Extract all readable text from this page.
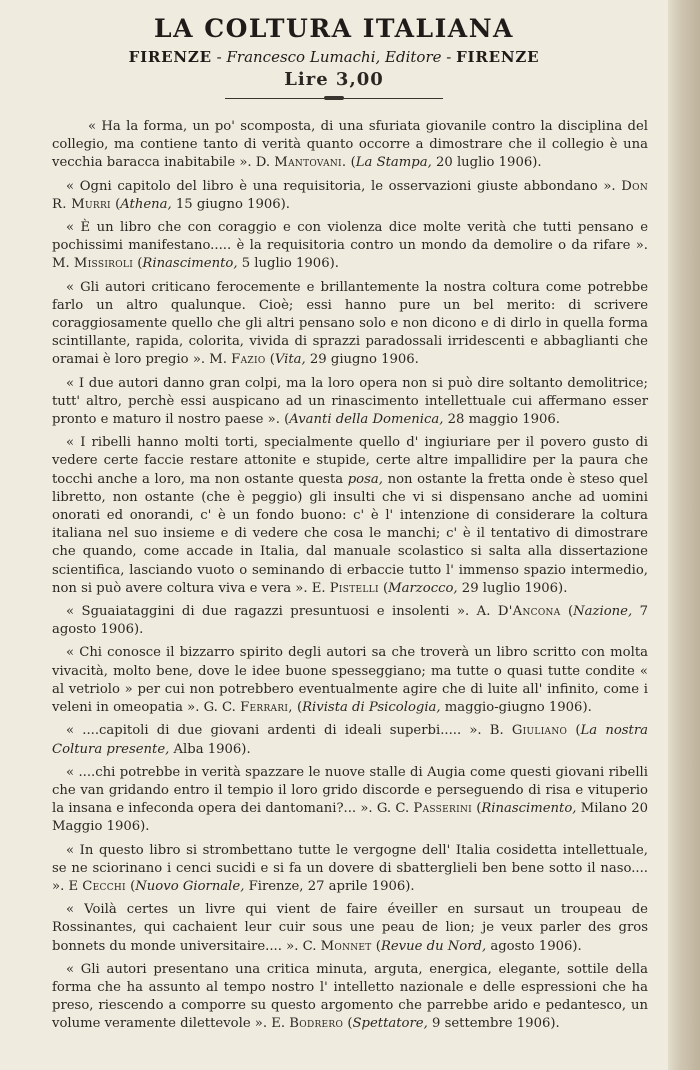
LA COLTURA ITALIANA
FIRENZE - Francesco Lumachi, Editore - FIRENZE
Lire 3,00

« Ha la forma, un po' scomposta, di una sfuriata giovanile contro la disciplina del collegio, ma contiene tanto di verità quanto occorre a dimostrare che il collegio è una vecchia baracca inabitabile ». D. Mantovani. (La Stampa, 20 luglio 1906).

« Ogni capitolo del libro è una requisitoria, le osservazioni giuste abbondano ». Don R. Murri (Athena, 15 giugno 1906).

« È un libro che con coraggio e con violenza dice molte verità che tutti pensano e pochissimi manifestano..... è la requisitoria contro un mondo da demolire o da rifare ». M. Missiroli (Rinascimento, 5 luglio 1906).

« Gli autori criticano ferocemente e brillantemente la nostra coltura come potrebbe farlo un altro qualunque. Cioè; essi hanno pure un bel merito: di scrivere coraggiosamente quello che gli altri pensano solo e non dicono e di dirlo in quella forma scintillante, rapida, colorita, vivida di sprazzi paradossali irridescenti e abbaglianti che oramai è loro pregio ». M. Fazio (Vita, 29 giugno 1906.

« I due autori danno gran colpi, ma la loro opera non si può dire soltanto demolitrice; tutt' altro, perchè essi auspicano ad un rinascimento intellettuale cui affermano esser pronto e maturo il nostro paese ». (Avanti della Domenica, 28 maggio 1906.

« I ribelli hanno molti torti, specialmente quello d' ingiuriare per il povero gusto di vedere certe faccie restare attonite e stupide, certe altre impallidire per la paura che tocchi anche a loro, ma non ostante questa posa, non ostante la fretta onde è steso quel libretto, non ostante (che è peggio) gli insulti che vi si dispensano anche ad uomini onorati ed onorandi, c' è un fondo buono: c' è l' intenzione di considerare la coltura italiana nel suo insieme e di vedere che cosa le manchi; c' è il tentativo di dimostrare che quando, come accade in Italia, dal manuale scolastico si salta alla dissertazione scientifica, lasciando vuoto o seminando di erbaccie tutto l' immenso spazio intermedio, non si può avere coltura viva e vera ». E. Pistelli (Marzocco, 29 luglio 1906).

« Sguaiataggini di due ragazzi presuntuosi e insolenti ». A. D'Ancona (Nazione, 7 agosto 1906).

« Chi conosce il bizzarro spirito degli autori sa che troverà un libro scritto con molta vivacità, molto bene, dove le idee buone spesseggiano; ma tutte o quasi tutte condite « al vetriolo » per cui non potrebbero eventualmente agire che di luite all' infinito, come i veleni in omeopatia ». G. C. Ferrari, (Rivista di Psicologia, maggio-giugno 1906).

« ....capitoli di due giovani ardenti di ideali superbi..... ». B. Giuliano (La nostra Coltura presente, Alba 1906).

« ....chi potrebbe in verità spazzare le nuove stalle di Augia come questi giovani ribelli che van gridando entro il tempio il loro grido discorde e perseguendo di risa e vituperio la insana e infeconda opera dei dantomani?... ». G. C. Passerini (Rinascimento, Milano 20 Maggio 1906).

« In questo libro si strombettano tutte le vergogne dell' Italia cosidetta intellettuale, se ne sciorinano i cenci sucidi e si fa un dovere di sbatterglieli ben bene sotto il naso.... ». E Cecchi (Nuovo Giornale, Firenze, 27 aprile 1906).

« Voilà certes un livre qui vient de faire éveiller en sursaut un troupeau de Rossinantes, qui cachaient leur cuir sous une peau de lion; je veux parler des gros bonnets du monde universitaire.... ». C. Monnet (Revue du Nord, agosto 1906).

« Gli autori presentano una critica minuta, arguta, energica, elegante, sottile della forma che ha assunto al tempo nostro l' intelletto nazionale e delle espressioni che ha preso, riescendo a comporre su questo argomento che parrebbe arido e pedantesco, un volume veramente dilettevole ». E. Bodrero (Spettatore, 9 settembre 1906).
